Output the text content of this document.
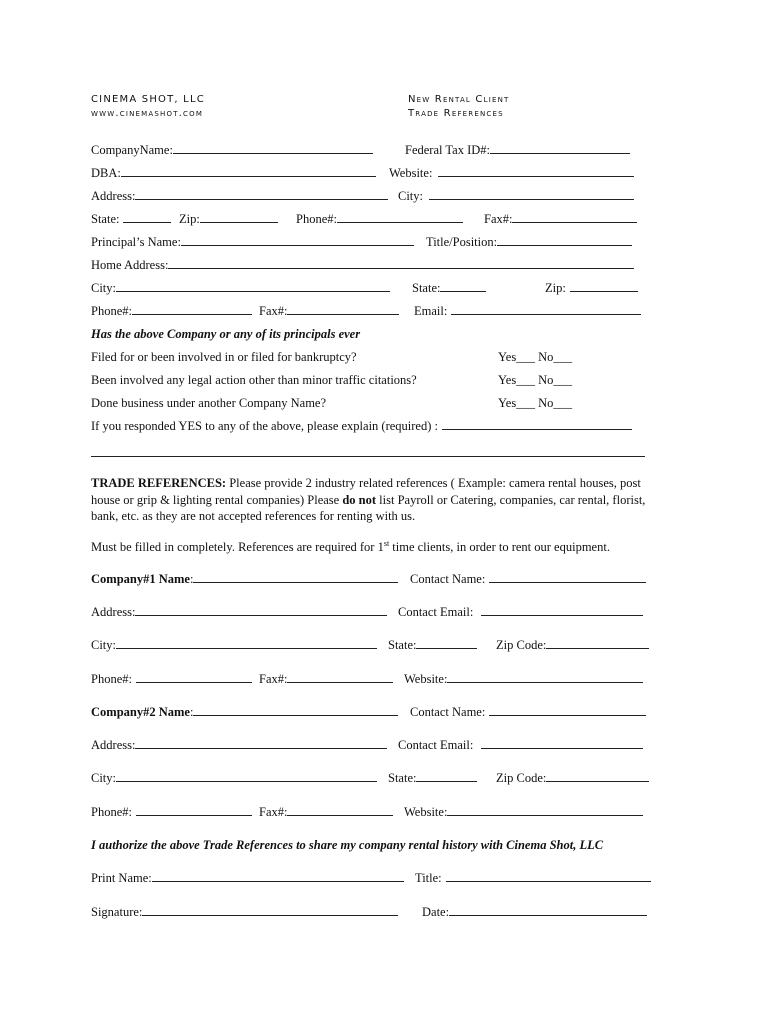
CINEMA SHOT, LLC
www.cinemashot.com
New Rental Client
Trade References
CompanyName:	Federal Tax ID#:
DBA:	Website:
Address:	City:
State:	Zip:	Phone#:	Fax#:
Principal’s Name:	Title/Position:
Home Address:
City:	State:	Zip:
Phone#:	Fax#:	Email:
Has the above Company or any of its principals ever
Filed for or been involved in or filed for bankruptcy?	Yes___ No___
Been involved any legal action other than minor traffic citations?	Yes___ No___
Done business under another Company Name?	Yes___ No___
If you responded YES to any of the above, please explain (required) :
TRADE REFERENCES: Please provide 2 industry related references ( Example: camera rental houses, post house or grip & lighting rental companies) Please do not list Payroll or Catering, companies, car rental, florist, bank, etc. as they are not accepted references for renting with us.
Must be filled in completely. References are required for 1st time clients, in order to rent our equipment.
Company#1 Name:	Contact Name:
Address:	Contact Email:
City:	State:	Zip Code:
Phone#:	Fax#:	Website:
Company#2 Name:	Contact Name:
Address:	Contact Email:
City:	State:	Zip Code:
Phone#:	Fax#:	Website:
I authorize the above Trade References to share my company rental history with Cinema Shot, LLC
Print Name:	Title:
Signature:	Date:
